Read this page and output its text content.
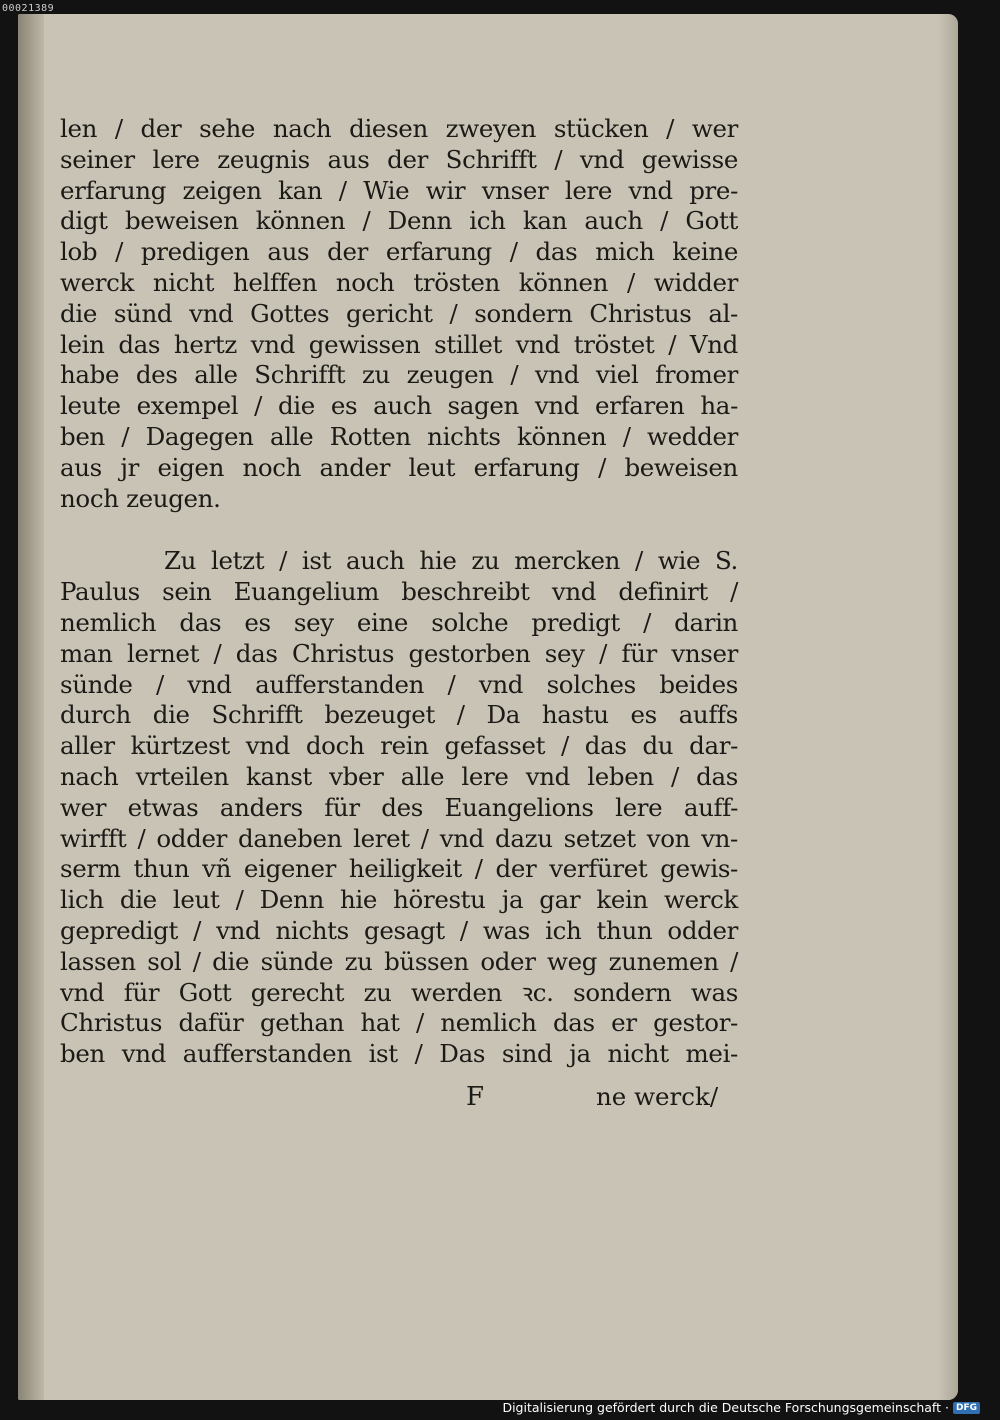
00021389
len / der sehe nach diesen zweyen stücken / wer
seiner lere zeugnis aus der Schrifft / vnd gewisse
erfarung zeigen kan / Wie wir vnser lere vnd pre-
digt beweisen können / Denn ich kan auch / Gott
lob / predigen aus der erfarung / das mich keine
werck nicht helffen noch trösten können / widder
die sünd vnd Gottes gericht / sondern Christus al-
lein das hertz vnd gewissen stillet vnd tröstet / Vnd
habe des alle Schrifft zu zeugen / vnd viel fromer
leute exempel / die es auch sagen vnd erfaren ha-
ben / Dagegen alle Rotten nichts können / wedder
aus jr eigen noch ander leut erfarung / beweisen
noch zeugen.
Zu letzt / ist auch hie zu mercken / wie S.
Paulus sein Euangelium beschreibt vnd definirt /
nemlich das es sey eine solche predigt / darin
man lernet / das Christus gestorben sey / für vnser
sünde / vnd aufferstanden / vnd solches beides
durch die Schrifft bezeuget / Da hastu es auffs
aller kürtzest vnd doch rein gefasset / das du dar-
nach vrteilen kanst vber alle lere vnd leben / das
wer etwas anders für des Euangelions lere auff-
wirfft / odder daneben leret / vnd dazu setzet von vn-
serm thun vñ eigener heiligkeit / der verfüret gewis-
lich die leut / Denn hie hörestu ja gar kein werck
gepredigt / vnd nichts gesagt / was ich thun odder
lassen sol / die sünde zu büssen oder weg zunemen /
vnd für Gott gerecht zu werden ꝛc. sondern was
Christus dafür gethan hat / nemlich das er gestor-
ben vnd aufferstanden ist / Das sind ja nicht mei-
F	ne werck/
Digitalisierung gefördert durch die Deutsche Forschungsgemeinschaft · DFG
